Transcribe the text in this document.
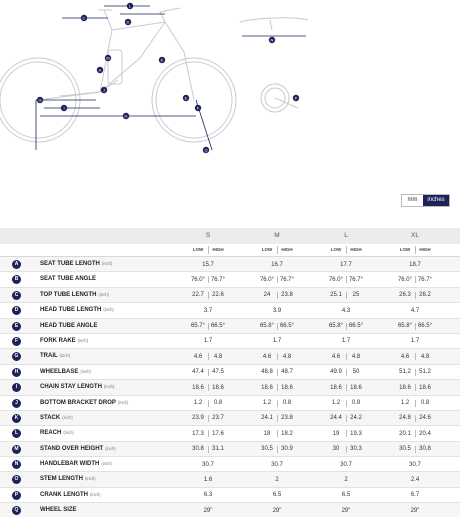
C
L
D
A
M
J
G
I
H
E
E
F
Q
N
P
mm	inches
S	M	L	XL
LOW	HIGH	LOW	HIGH	LOW	HIGH	LOW	HIGH
A	SEAT TUBE LENGTH (inch)	15.7	16.7	17.7	18.7
B	SEAT TUBE ANGLE	76.0° 76.7°	76.0° 76.7°	76.0° 76.7°	76.0° 76.7°
C	TOP TUBE LENGTH (inch)	22.7	22.6	24	23.8	25.1	25	26.3	26.2
D	HEAD TUBE LENGTH (inch)	3.7	3.9	4.3	4.7
E	HEAD TUBE ANGLE	65.7° 66.5°	65.8° 66.5°	65.8° 66.5°	65.8° 66.5°
F	FORK RAKE (inch)	1.7	1.7	1.7	1.7
G	TRAIL (inch)	4.6	4.8	4.6	4.8	4.6	4.8	4.6	4.8
H	WHEELBASE (inch)	47.4	47.5	48.8	48.7	49.9	50	51.2	51.2
I	CHAIN STAY LENGTH (inch)	18.6	18.6	18.6	18.6	18.6	18.6	18.6	18.6
J	BOTTOM BRACKET DROP (inch)	1.2	0.8	1.2	0.8	1.2	0.8	1.2	0.8
K	STACK (inch)	23.9	23.7	24.1	23.8	24.4	24.2	24.8	24.6
L	REACH (inch)	17.3	17.6	18	18.2	19	19.3	20.1	20.4
M	STAND OVER HEIGHT (inch)	30.8	31.1	30.5	30.9	30	30.3	30.5	30.8
N	HANDLEBAR WIDTH (inch)	30.7	30.7	30.7	30.7
O	STEM LENGTH (inch)	1.6	2	2	2.4
P	CRANK LENGTH (inch)	6.3	6.5	6.5	6.7
Q	WHEEL SIZE	29"	29"	29"	29"
